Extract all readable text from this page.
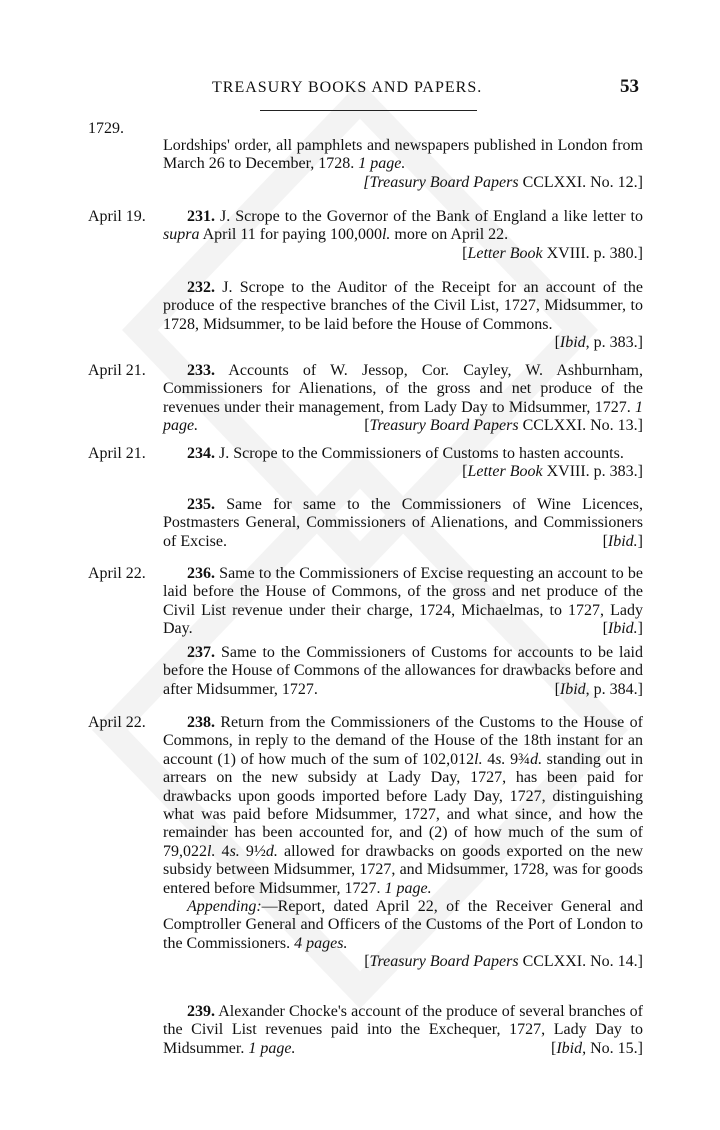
TREASURY BOOKS AND PAPERS.	53
1729.

Lordships' order, all pamphlets and newspapers published in London from March 26 to December, 1728. 1 page.

[Treasury Board Papers CCLXXI. No. 12.]
April 19.	231. J. Scrope to the Governor of the Bank of England a like letter to supra April 11 for paying 100,000l. more on April 22.

[Letter Book XVIII. p. 380.]

232. J. Scrope to the Auditor of the Receipt for an account of the produce of the respective branches of the Civil List, 1727, Midsummer, to 1728, Midsummer, to be laid before the House of Commons.
[Ibid, p. 383.]

April 21.	233. Accounts of W. Jessop, Cor. Cayley, W. Ashburnham, Commissioners for Alienations, of the gross and net produce of the revenues under their management, from Lady Day to Midsummer, 1727. 1 page.	[Treasury Board Papers CCLXXI. No. 13.]

April 21.	234. J. Scrope to the Commissioners of Customs to hasten accounts.
[Letter Book XVIII. p. 383.]

235. Same for same to the Commissioners of Wine Licences, Postmasters General, Commissioners of Alienations, and Commissioners of Excise.	[Ibid.]

April 22.	236. Same to the Commissioners of Excise requesting an account to be laid before the House of Commons, of the gross and net produce of the Civil List revenue under their charge, 1724, Michaelmas, to 1727, Lady Day.	[Ibid.]

237. Same to the Commissioners of Customs for accounts to be laid before the House of Commons of the allowances for drawbacks before and after Midsummer, 1727.	[Ibid, p. 384.]

April 22.	238. Return from the Commissioners of the Customs to the House of Commons, in reply to the demand of the House of the 18th instant for an account (1) of how much of the sum of 102,012l. 4s. 9¾d. standing out in arrears on the new subsidy at Lady Day, 1727, has been paid for drawbacks upon goods imported before Lady Day, 1727, distinguishing what was paid before Midsummer, 1727, and what since, and how the remainder has been accounted for, and (2) of how much of the sum of 79,022l. 4s. 9½d. allowed for drawbacks on goods exported on the new subsidy between Midsummer, 1727, and Midsummer, 1728, was for goods entered before Midsummer, 1727. 1 page.

Appending:—Report, dated April 22, of the Receiver General and Comptroller General and Officers of the Customs of the Port of London to the Commissioners. 4 pages.

[Treasury Board Papers CCLXXI. No. 14.]

239. Alexander Chocke's account of the produce of several branches of the Civil List revenues paid into the Exchequer, 1727, Lady Day to Midsummer. 1 page.	[Ibid, No. 15.]
